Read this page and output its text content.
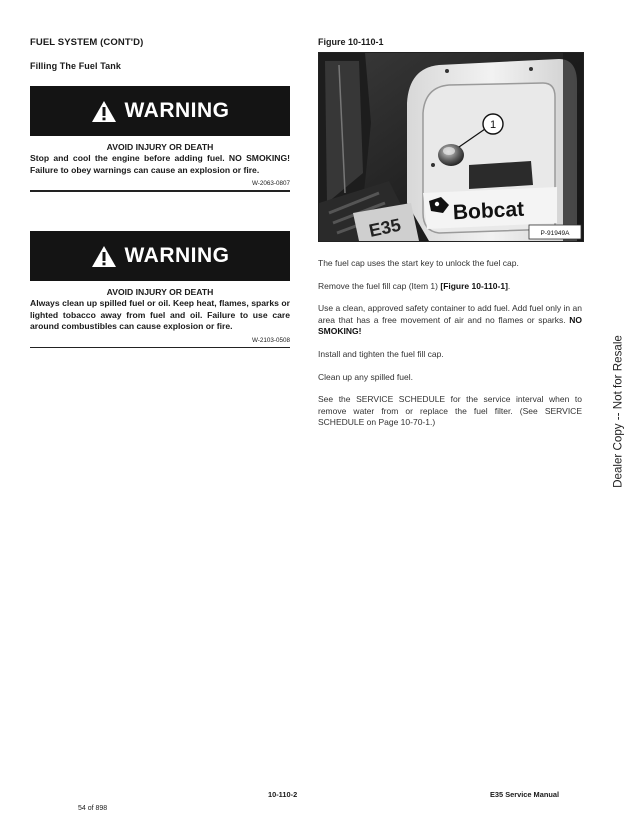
FUEL SYSTEM (CONT'D)
Filling The Fuel Tank
WARNING
AVOID INJURY OR DEATH
Stop and cool the engine before adding fuel. NO SMOKING! Failure to obey warnings can cause an explosion or fire.
W-2063-0807
WARNING
AVOID INJURY OR DEATH
Always clean up spilled fuel or oil. Keep heat, flames, sparks or lighted tobacco away from fuel and oil. Failure to use care around combustibles can cause explosion or fire.
W-2103-0508
Figure 10-110-1
1
Bobcat
E35	P-91949A
The fuel cap uses the start key to unlock the fuel cap.
Remove the fuel fill cap (Item 1) [Figure 10-110-1].
Use a clean, approved safety container to add fuel. Add fuel only in an area that has a free movement of air and no flames or sparks. NO SMOKING!
Install and tighten the fuel fill cap.
Clean up any spilled fuel.
See the SERVICE SCHEDULE for the service interval when to remove water from or replace the fuel filter. (See SERVICE SCHEDULE on Page 10-70-1.)	Dealer Copy -- Not for Resale
10-110-2	E35 Service Manual
54 of 898
